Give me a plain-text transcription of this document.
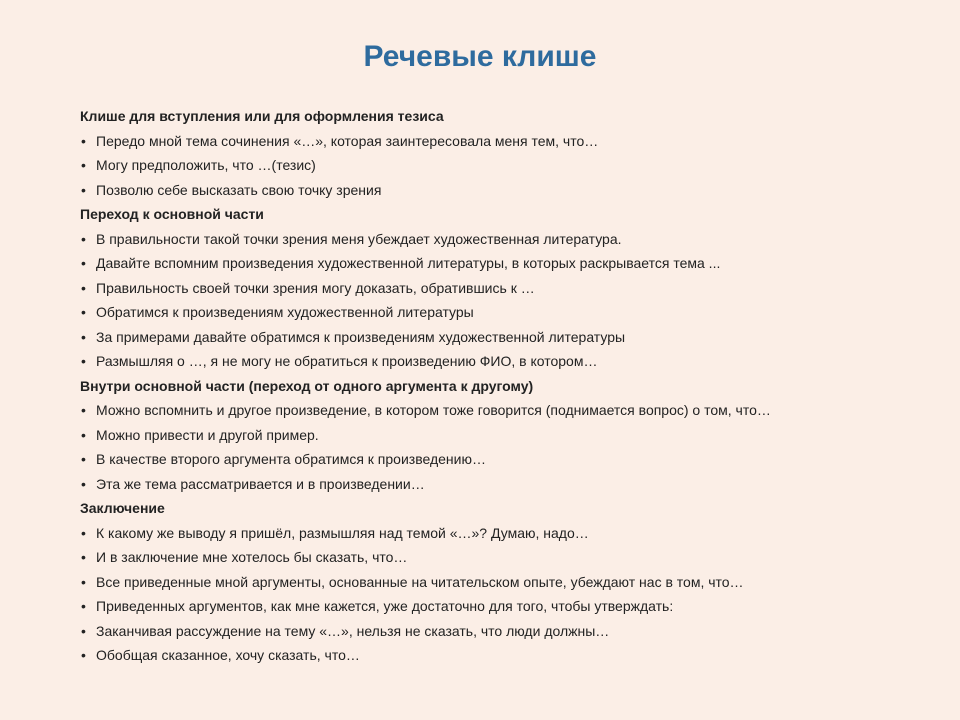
Речевые клише
Клише для вступления или для оформления тезиса
• Передо мной тема сочинения «…», которая заинтересовала меня тем, что…
• Могу предположить, что …(тезис)
• Позволю себе высказать свою точку зрения
Переход к основной части
• В правильности такой точки зрения меня убеждает художественная литература.
• Давайте вспомним произведения художественной литературы, в которых раскрывается тема ...
• Правильность своей точки зрения могу доказать, обратившись к …
• Обратимся к произведениям художественной литературы
• За примерами давайте обратимся к произведениям художественной литературы
• Размышляя о …, я не могу не обратиться к произведению ФИО, в котором…
Внутри основной части (переход от одного аргумента к другому)
• Можно вспомнить и другое произведение, в котором тоже говорится (поднимается вопрос) о том, что…
• Можно привести и другой пример.
• В качестве второго аргумента обратимся к произведению…
• Эта же тема рассматривается и в произведении…
Заключение
• К какому же выводу я пришёл, размышляя над темой «…»? Думаю, надо…
• И в заключение мне хотелось бы сказать, что…
• Все приведенные мной аргументы, основанные на читательском опыте, убеждают нас в том, что…
• Приведенных аргументов, как мне кажется, уже достаточно для того, чтобы утверждать:
• Заканчивая рассуждение на тему «…», нельзя не сказать, что люди должны…
• Обобщая сказанное, хочу сказать, что…
